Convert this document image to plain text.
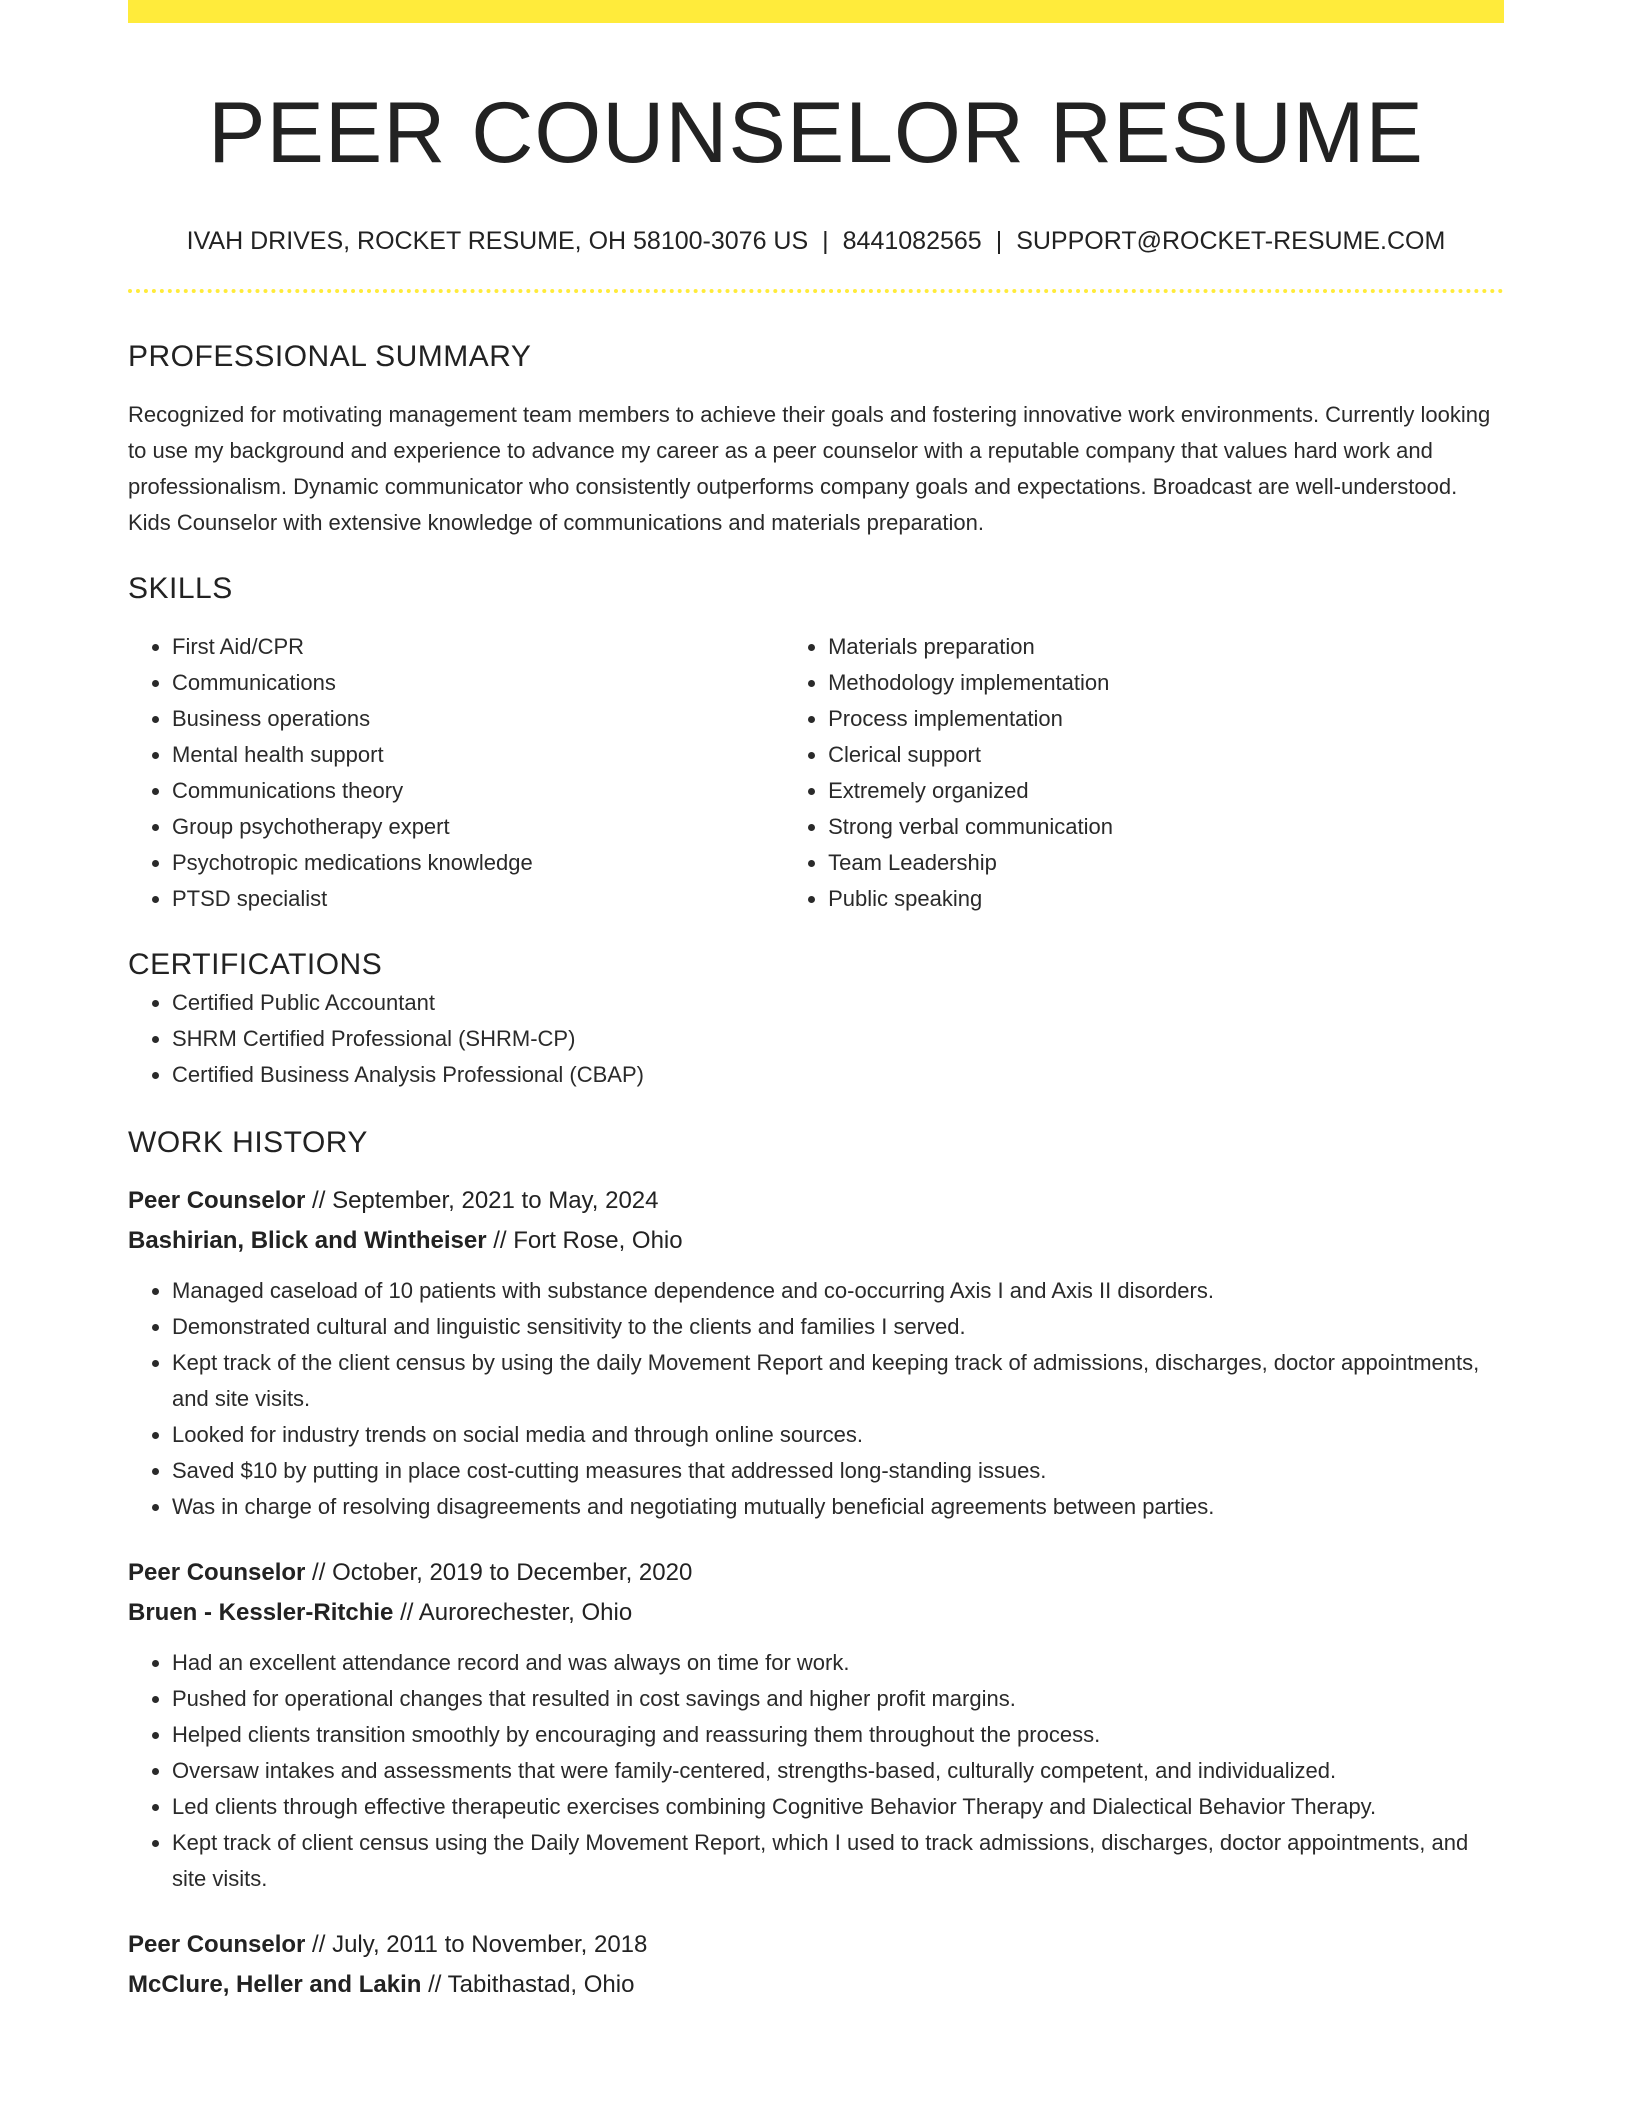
PEER COUNSELOR RESUME
IVAH DRIVES, ROCKET RESUME, OH 58100-3076 US | 8441082565 | SUPPORT@ROCKET-RESUME.COM
PROFESSIONAL SUMMARY

Recognized for motivating management team members to achieve their goals and fostering innovative work environments. Currently looking to use my background and experience to advance my career as a peer counselor with a reputable company that values hard work and professionalism. Dynamic communicator who consistently outperforms company goals and expectations. Broadcast are well-understood. Kids Counselor with extensive knowledge of communications and materials preparation.

SKILLS
• First Aid/CPR
• Communications
• Business operations
• Mental health support
• Communications theory
• Group psychotherapy expert
• Psychotropic medications knowledge
• PTSD specialist
• Materials preparation
• Methodology implementation
• Process implementation
• Clerical support
• Extremely organized
• Strong verbal communication
• Team Leadership
• Public speaking
CERTIFICATIONS
• Certified Public Accountant
• SHRM Certified Professional (SHRM-CP)
• Certified Business Analysis Professional (CBAP)
WORK HISTORY
Peer Counselor // September, 2021 to May, 2024
Bashirian, Blick and Wintheiser // Fort Rose, Ohio
• Managed caseload of 10 patients with substance dependence and co-occurring Axis I and Axis II disorders.
• Demonstrated cultural and linguistic sensitivity to the clients and families I served.
• Kept track of the client census by using the daily Movement Report and keeping track of admissions, discharges, doctor appointments, and site visits.
• Looked for industry trends on social media and through online sources.
• Saved $10 by putting in place cost-cutting measures that addressed long-standing issues.
• Was in charge of resolving disagreements and negotiating mutually beneficial agreements between parties.
Peer Counselor // October, 2019 to December, 2020
Bruen - Kessler-Ritchie // Aurorechester, Ohio
• Had an excellent attendance record and was always on time for work.
• Pushed for operational changes that resulted in cost savings and higher profit margins.
• Helped clients transition smoothly by encouraging and reassuring them throughout the process.
• Oversaw intakes and assessments that were family-centered, strengths-based, culturally competent, and individualized.
• Led clients through effective therapeutic exercises combining Cognitive Behavior Therapy and Dialectical Behavior Therapy.
• Kept track of client census using the Daily Movement Report, which I used to track admissions, discharges, doctor appointments, and site visits.
Peer Counselor // July, 2011 to November, 2018
McClure, Heller and Lakin // Tabithastad, Ohio
